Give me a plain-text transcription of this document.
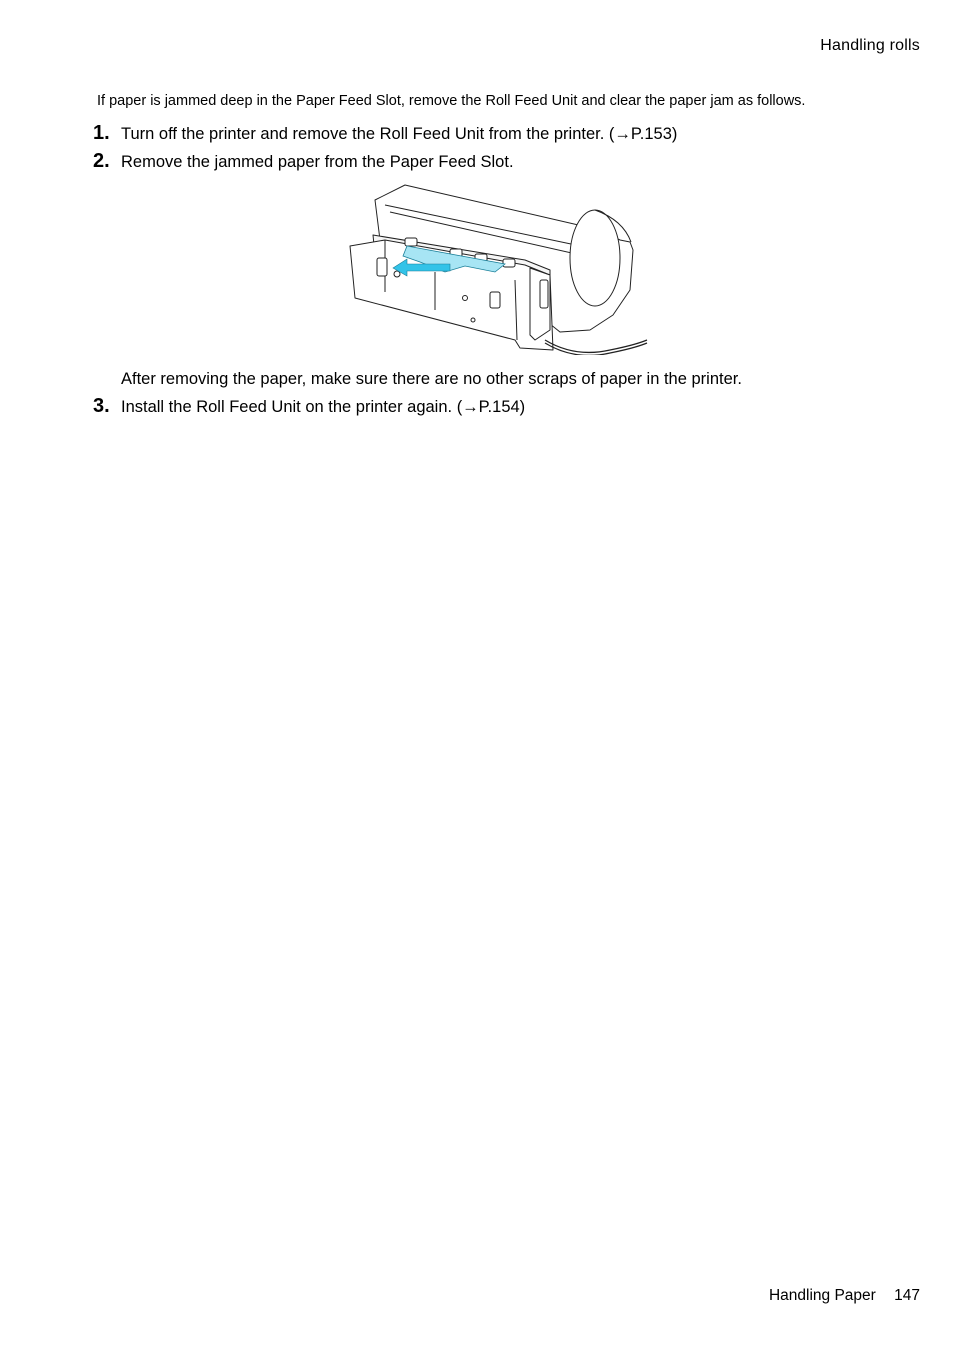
Handling rolls
If paper is jammed deep in the Paper Feed Slot, remove the Roll Feed Unit and clear the paper jam as follows.
1. Turn off the printer and remove the Roll Feed Unit from the printer. (→P.153)
2. Remove the jammed paper from the Paper Feed Slot.
After removing the paper, make sure there are no other scraps of paper in the printer.
3. Install the Roll Feed Unit on the printer again. (→P.154)
Handling Paper 147
